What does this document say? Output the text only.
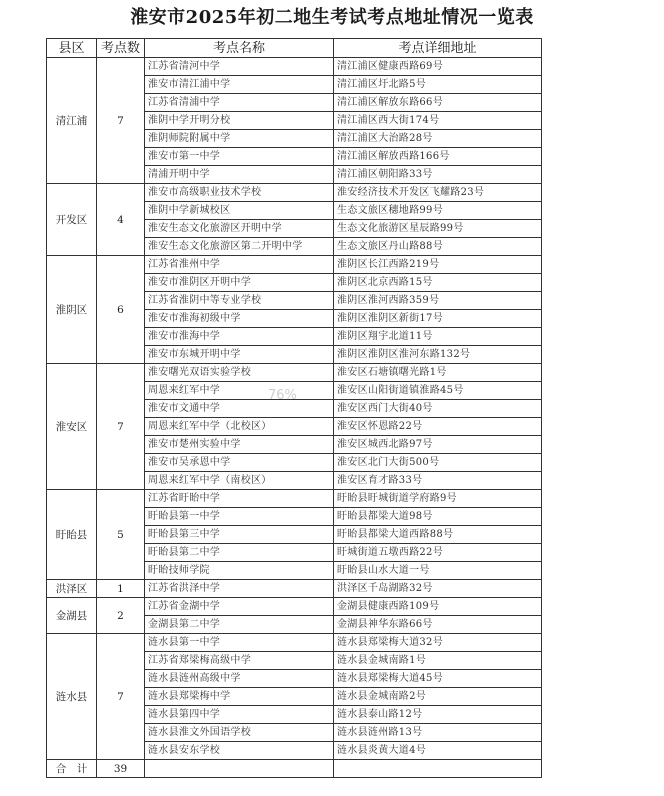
淮安市2025年初二地生考试考点地址情况一览表
县区	考点数	考点名称	考点详细地址
清江浦	7	江苏省清河中学	清江浦区健康西路69号
		淮安市清江浦中学	清江浦区圩北路5号
		江苏省清浦中学	清江浦区解放东路66号
		淮阴中学开明分校	清江浦区西大街174号
		淮阴师院附属中学	清江浦区大治路28号
		淮安市第一中学	清江浦区解放西路166号
		清浦开明中学	清江浦区朝阳路33号
开发区	4	淮安市高级职业技术学校	淮安经济技术开发区飞耀路23号
		淮阴中学新城校区	生态文旅区穗地路99号
		淮安生态文化旅游区开明中学	生态文化旅游区星辰路99号
		淮安生态文化旅游区第二开明中学	生态文旅区丹山路88号
淮阴区	6	江苏省淮州中学	淮阴区长江西路219号
		淮安市淮阴区开明中学	淮阴区北京西路15号
		江苏省淮阴中等专业学校	淮阴区淮河西路359号
		淮安市淮海初级中学	淮阴区淮阴区新街17号
		淮安市淮海中学	淮阴区翔宇北道11号
		淮安市东城开明中学	淮阴区淮阴区淮河东路132号
淮安区	7	淮安曙光双语实验学校	淮安区石塘镇曙光路1号
		周恩来红军中学	淮安区山阳街道镇淮路45号
		淮安市文通中学	淮安区西门大街40号
		周恩来红军中学（北校区）	淮安区怀恩路22号
		淮安市楚州实验中学	淮安区城西北路97号
		淮安市吴承恩中学	淮安区北门大街500号
		周恩来红军中学（南校区）	淮安区育才路33号
盱眙县	5	江苏省盱眙中学	盱眙县盱城街道学府路9号
		盱眙县第一中学	盱眙县都梁大道98号
		盱眙县第三中学	盱眙县都梁大道西路88号
		盱眙县第二中学	盱城街道五墩西路22号
		盱眙技师学院	盱眙县山水大道一号
洪泽区	1	江苏省洪泽中学	洪泽区千岛湖路32号
金湖县	2	江苏省金湖中学	金湖县健康西路109号
		金湖县第二中学	金湖县神华东路66号
涟水县	7	涟水县第一中学	涟水县郑梁梅大道32号
		江苏省郑梁梅高级中学	涟水县金城南路1号
		涟水县涟州高级中学	涟水县郑梁梅大道45号
		涟水县郑梁梅中学	涟水县金城南路2号
		涟水县第四中学	涟水县泰山路12号
		涟水县淮文外国语学校	涟水县涟州路13号
		涟水县安东学校	涟水县炎黄大道4号
合　计	39		
76%
